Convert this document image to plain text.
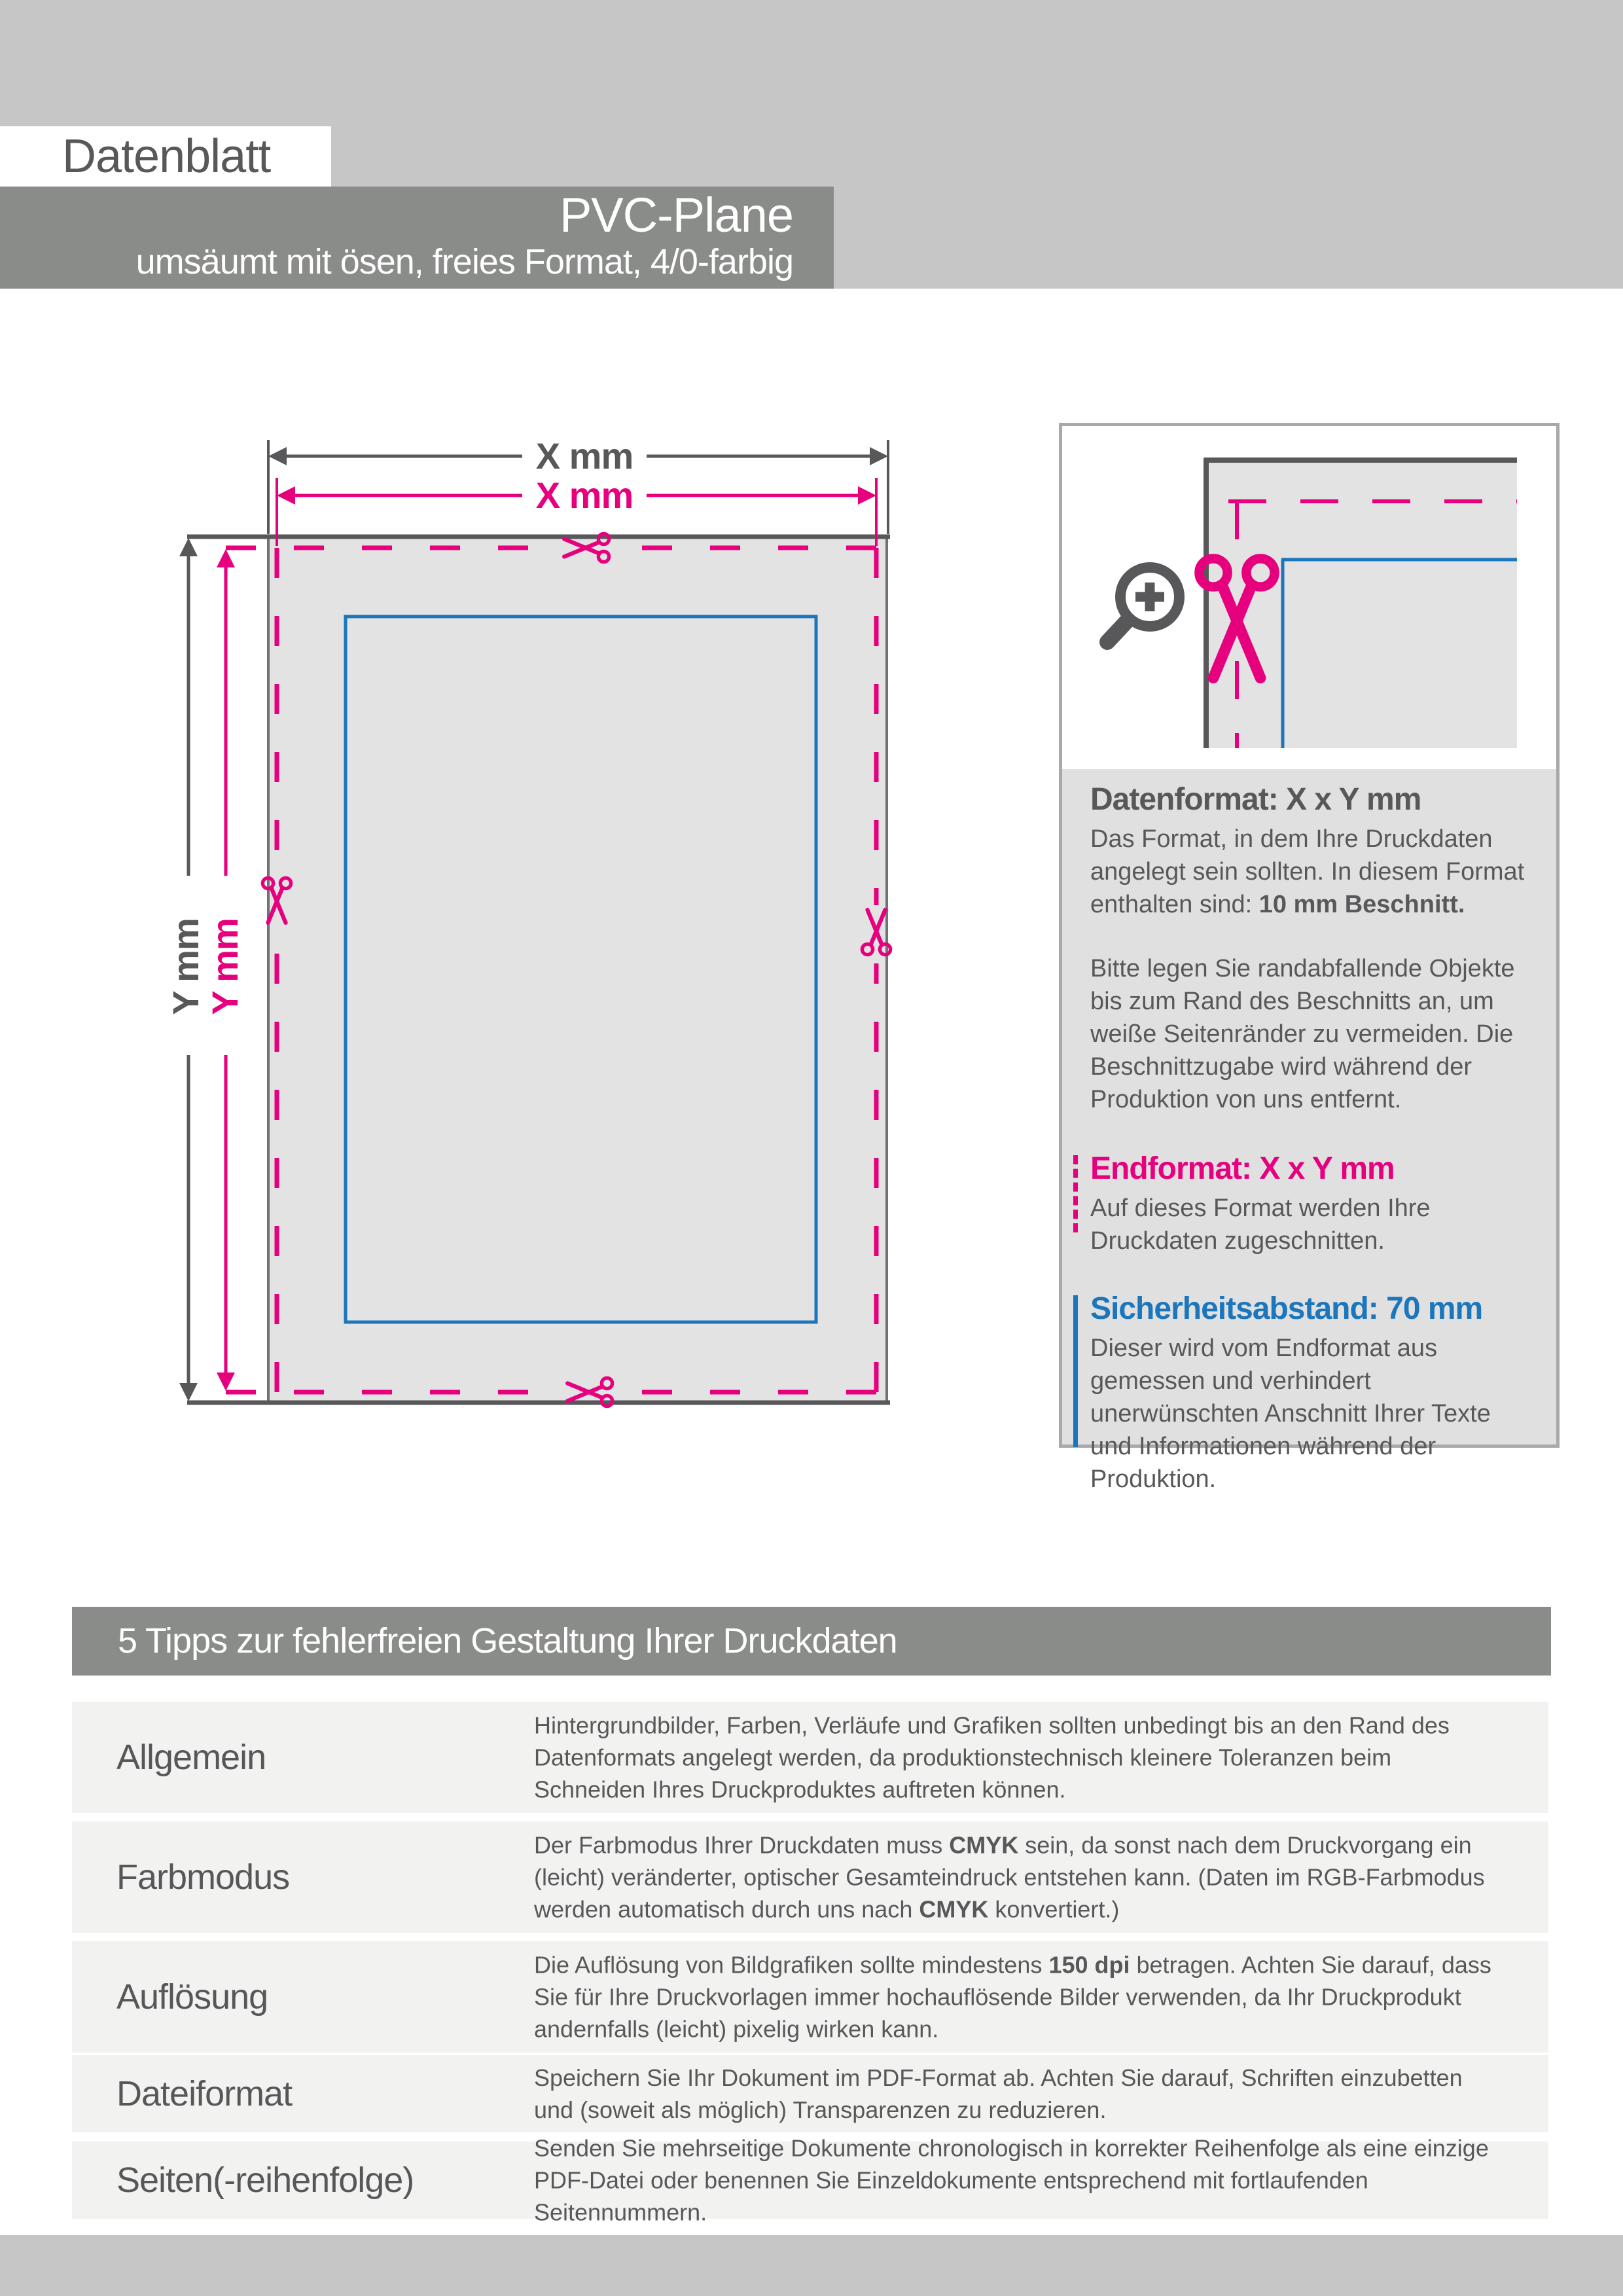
Datenblatt
PVC-Plane
umsäumt mit ösen, freies Format, 4/0-farbig
X mm
X mm
Y mm
Y mm
Datenformat: X x Y mm
Das Format, in dem Ihre Druckdaten angelegt sein sollten. In diesem Format enthalten sind: 10 mm Beschnitt.
Bitte legen Sie randabfallende Objekte bis zum Rand des Beschnitts an, um weiße Seitenränder zu vermeiden. Die Beschnittzugabe wird während der Produktion von uns entfernt.
Endformat: X x Y mm
Auf dieses Format werden Ihre Druckdaten zugeschnitten.
Sicherheitsabstand: 70 mm
Dieser wird vom Endformat aus gemessen und verhindert unerwünschten Anschnitt Ihrer Texte und Informationen während der Produktion.
5 Tipps zur fehlerfreien Gestaltung Ihrer Druckdaten
Allgemein
Hintergrundbilder, Farben, Verläufe und Grafiken sollten unbedingt bis an den Rand des Datenformats angelegt werden, da produktionstechnisch kleinere Toleranzen beim Schneiden Ihres Druckproduktes auftreten können.
Farbmodus
Der Farbmodus Ihrer Druckdaten muss CMYK sein, da sonst nach dem Druckvorgang ein (leicht) veränderter, optischer Gesamteindruck entstehen kann. (Daten im RGB-Farbmodus werden automatisch durch uns nach CMYK konvertiert.)
Auflösung
Die Auflösung von Bildgrafiken sollte mindestens 150 dpi betragen. Achten Sie darauf, dass Sie für Ihre Druckvorlagen immer hochauflösende Bilder verwenden, da Ihr Druckprodukt andernfalls (leicht) pixelig wirken kann.
Dateiformat	Speichern Sie Ihr Dokument im PDF-Format ab. Achten Sie darauf, Schriften einzubetten und (soweit als möglich) Transparenzen zu reduzieren.
Seiten(-reihenfolge)
Senden Sie mehrseitige Dokumente chronologisch in korrekter Reihenfolge als eine einzige PDF-Datei oder benennen Sie Einzeldokumente entsprechend mit fortlaufenden Seitennummern.
